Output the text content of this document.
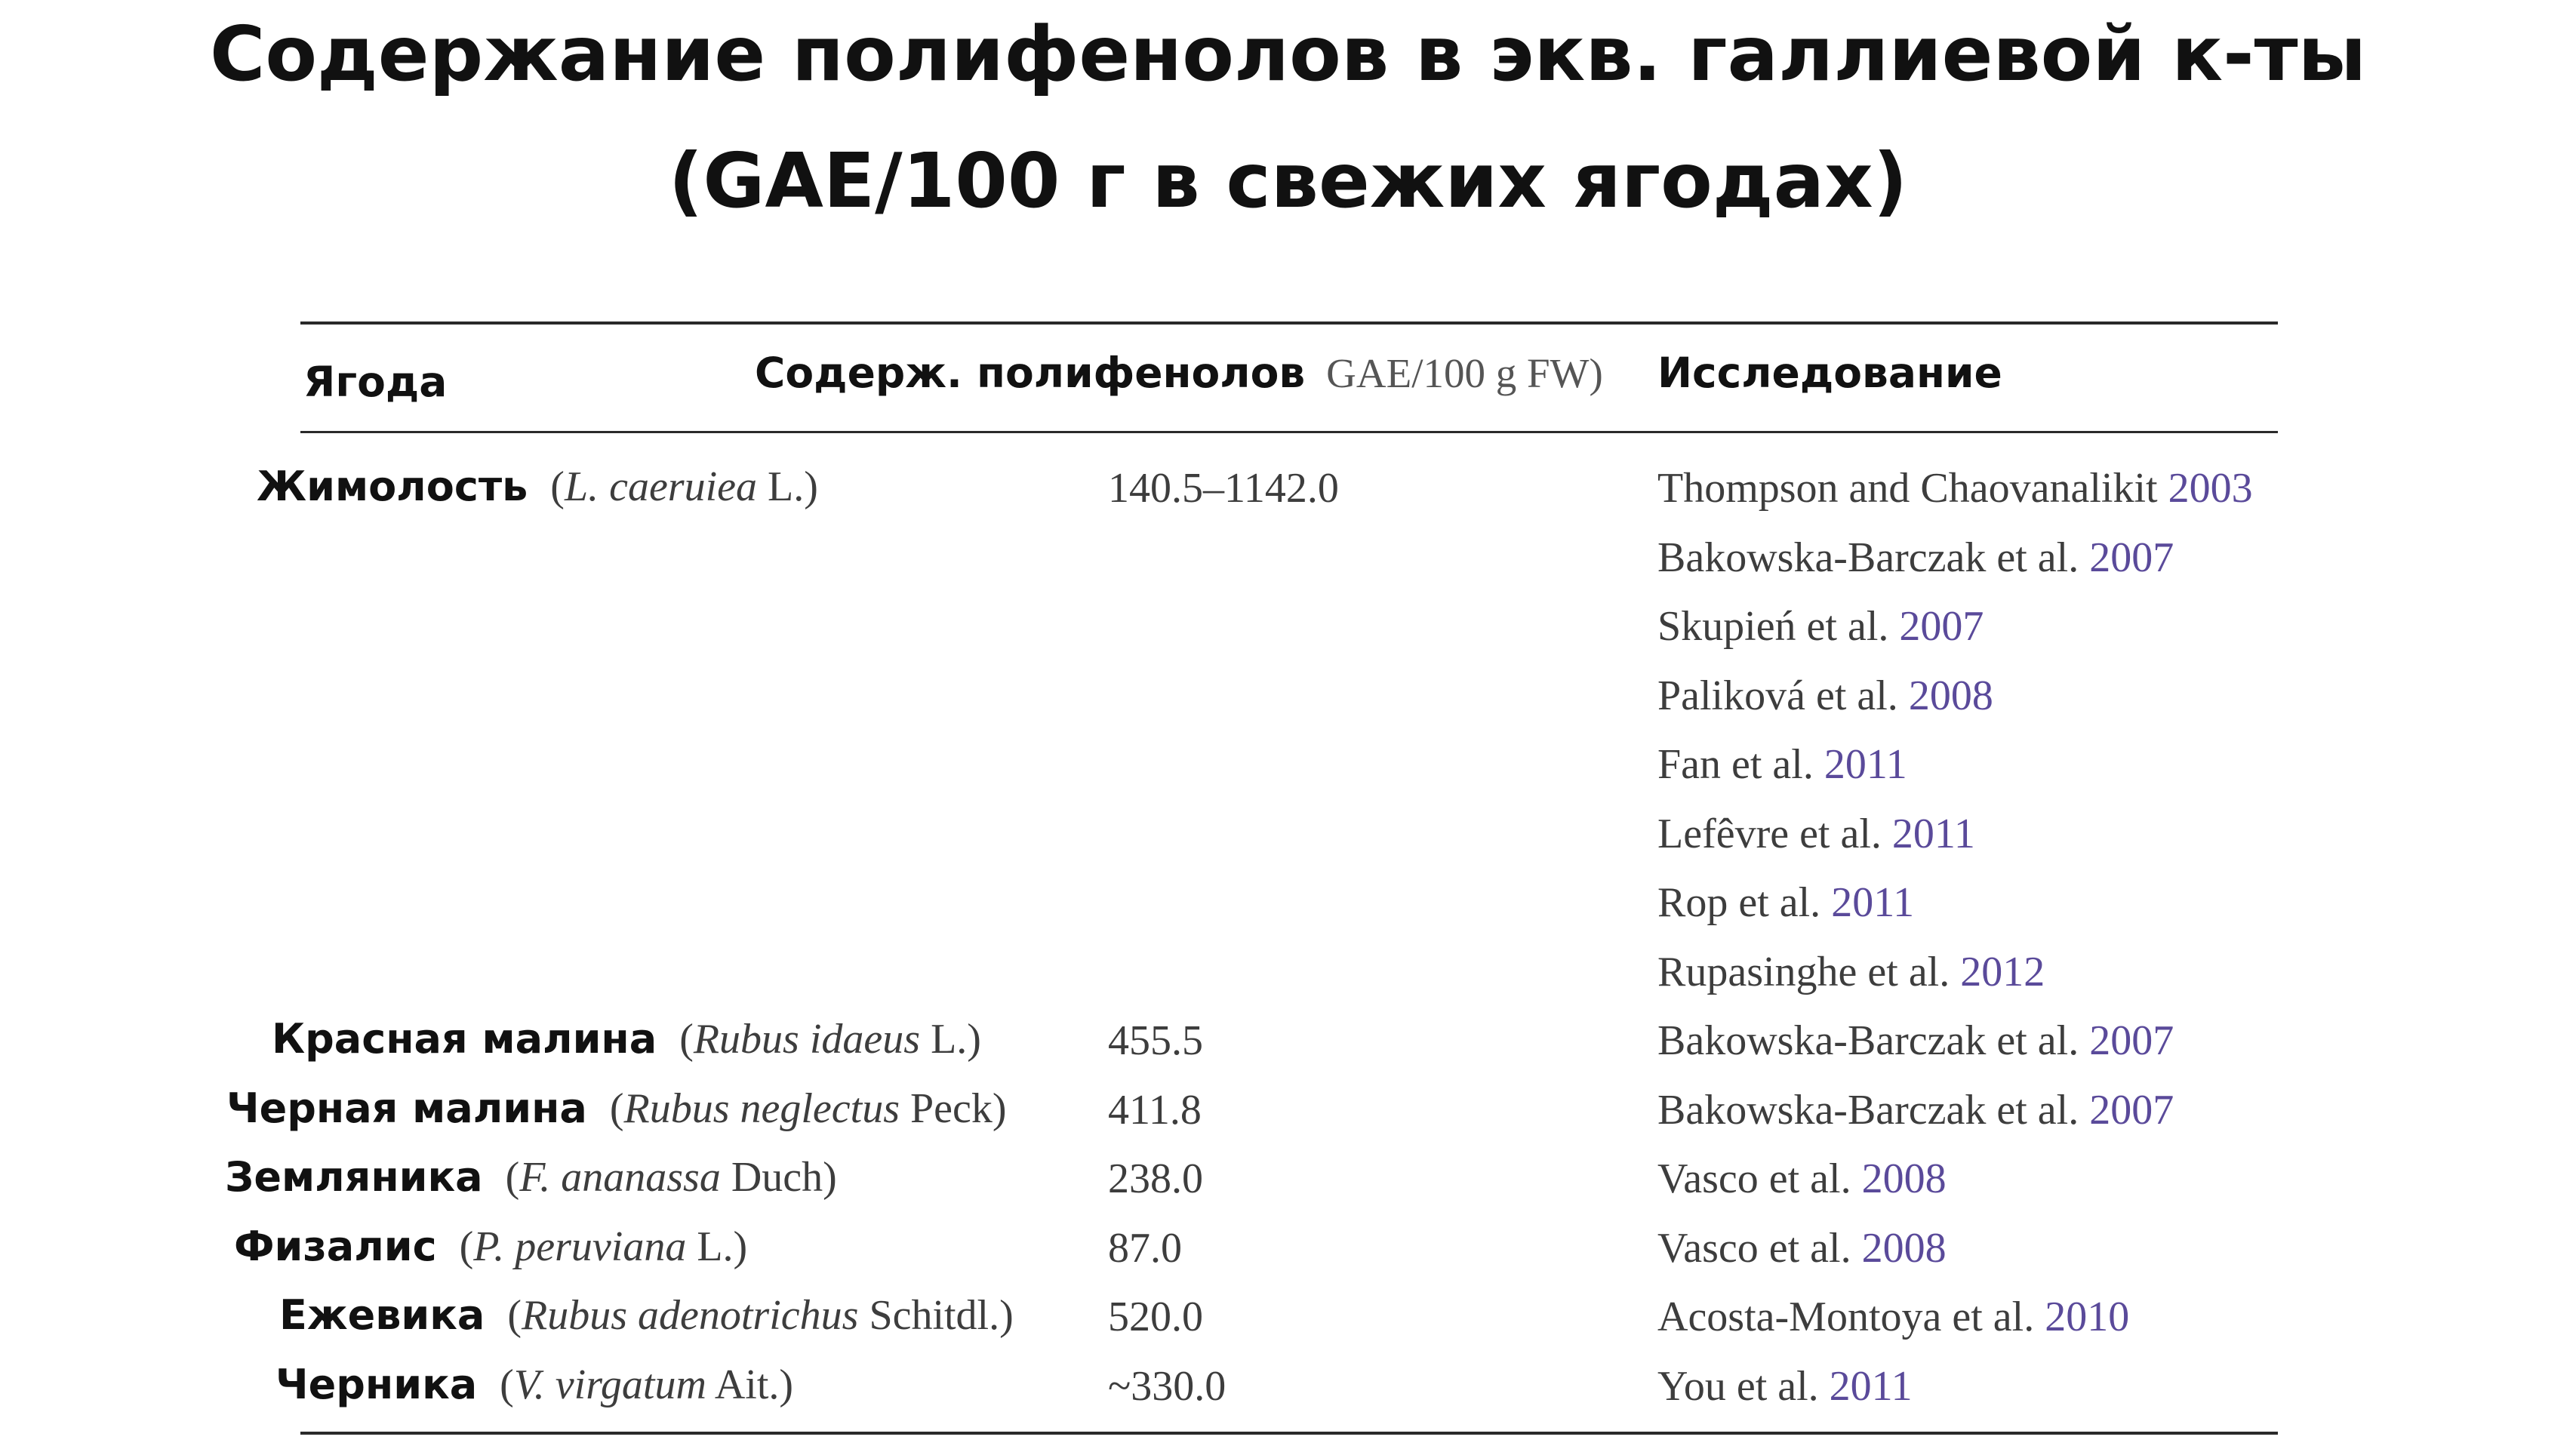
Содержание полифенолов в экв. галлиевой к-ты
(GAE/100 г в свежих ягодах)
Ягода	Содерж. полифенолов GAE/100 g FW) Исследование
Жимолость (L. caeruiea L.)	140.5–1142.0	Thompson and Chaovanalikit 2003
Bakowska-Barczak et al. 2007
Skupień et al. 2007
Paliková et al. 2008
Fan et al. 2011
Lefêvre et al. 2011
Rop et al. 2011
Rupasinghe et al. 2012
Красная малина (Rubus idaeus L.)	455.5	Bakowska-Barczak et al. 2007
Черная малина (Rubus neglectus Peck) 411.8	Bakowska-Barczak et al. 2007
Земляника (F. ananassa Duch)	238.0	Vasco et al. 2008
Физалис (P. peruviana L.)	87.0	Vasco et al. 2008
Ежевика (Rubus adenotrichus Schitdl.) 520.0	Acosta-Montoya et al. 2010
Черника (V. virgatum Ait.)	~330.0	You et al. 2011
